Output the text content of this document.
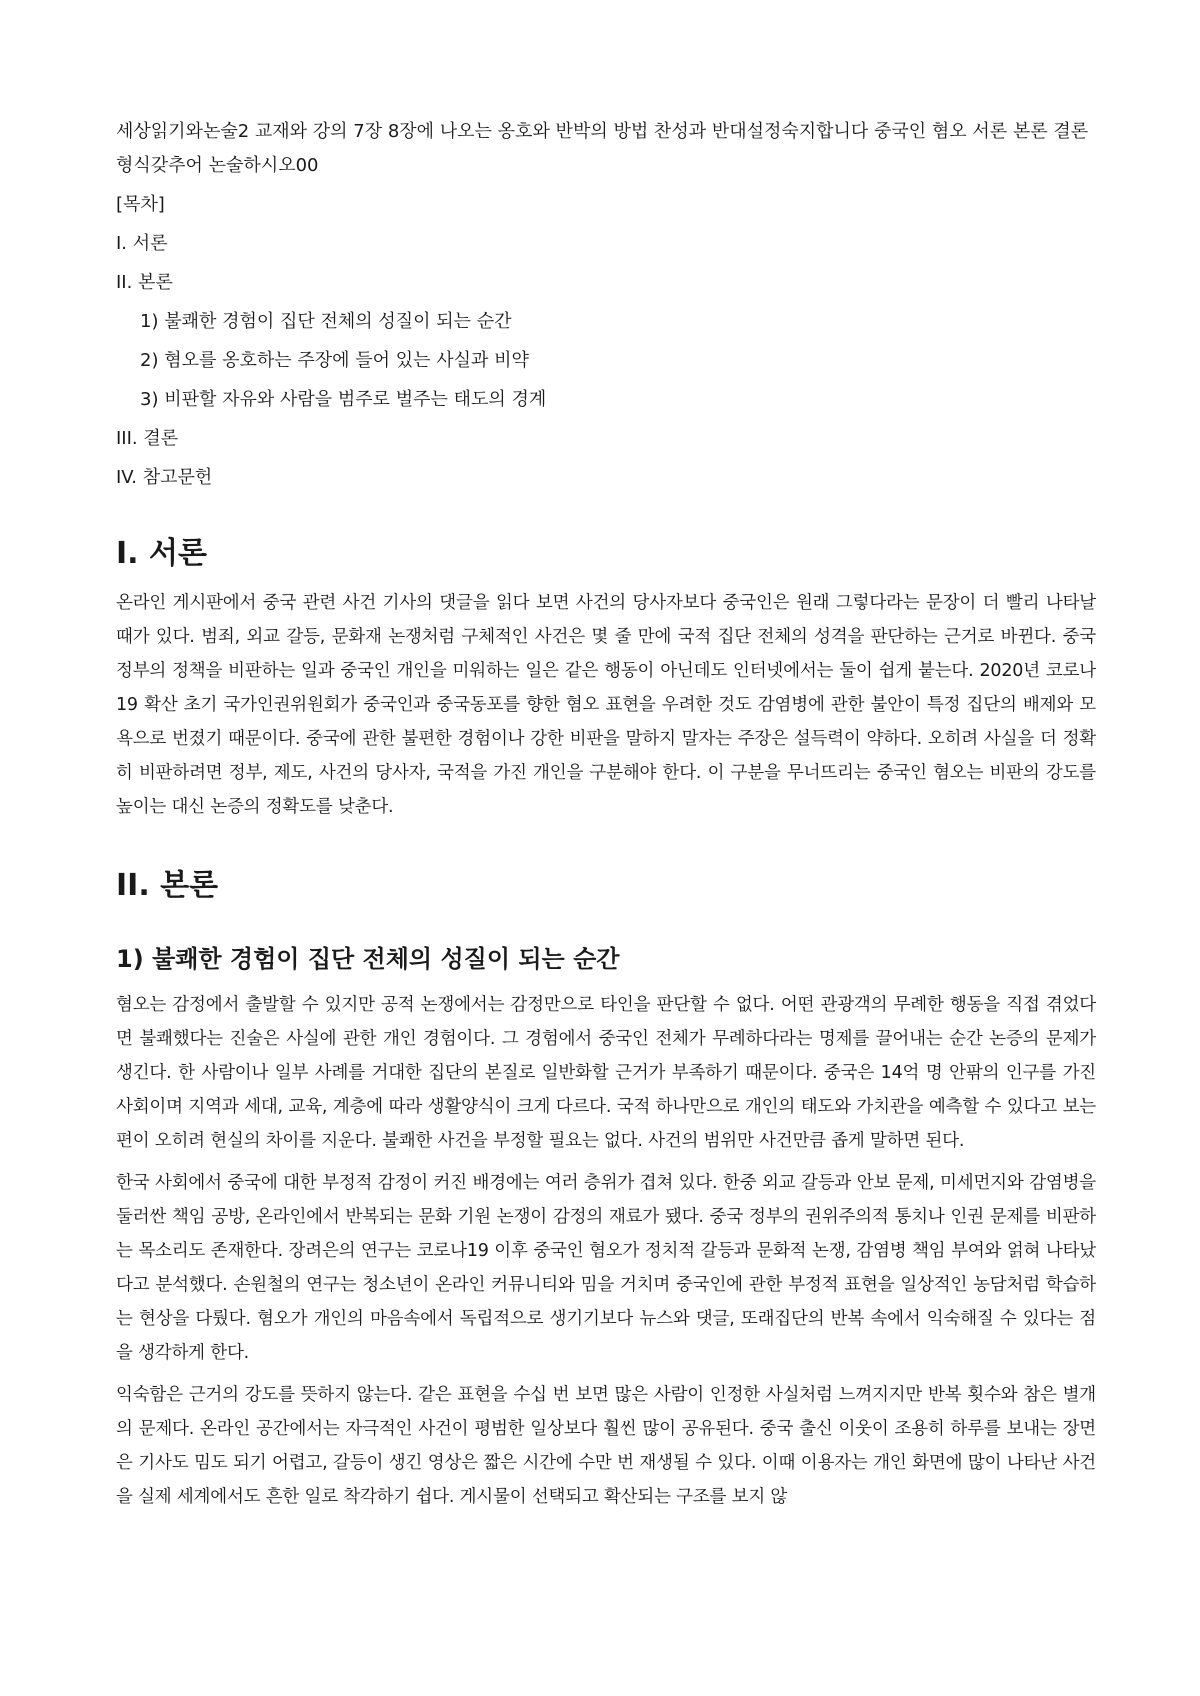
세상읽기와논술2 교재와 강의 7장 8장에 나오는 옹호와 반박의 방법 찬성과 반대설정숙지합니다 중국인 혐오 서론 본론 결론형식갖추어 논술하시오00

[목차]
I. 서론
II. 본론
1) 불쾌한 경험이 집단 전체의 성질이 되는 순간
2) 혐오를 옹호하는 주장에 들어 있는 사실과 비약
3) 비판할 자유와 사람을 범주로 벌주는 태도의 경계
III. 결론
IV. 참고문헌
I. 서론

온라인 게시판에서 중국 관련 사건 기사의 댓글을 읽다 보면 사건의 당사자보다 중국인은 원래 그렇다라는 문장이 더 빨리 나타날 때가 있다. 범죄, 외교 갈등, 문화재 논쟁처럼 구체적인 사건은 몇 줄 만에 국적 집단 전체의 성격을 판단하는 근거로 바뀐다. 중국 정부의 정책을 비판하는 일과 중국인 개인을 미워하는 일은 같은 행동이 아닌데도 인터넷에서는 둘이 쉽게 붙는다. 2020년 코로나19 확산 초기 국가인권위원회가 중국인과 중국동포를 향한 혐오 표현을 우려한 것도 감염병에 관한 불안이 특정 집단의 배제와 모욕으로 번졌기 때문이다. 중국에 관한 불편한 경험이나 강한 비판을 말하지 말자는 주장은 설득력이 약하다. 오히려 사실을 더 정확히 비판하려면 정부, 제도, 사건의 당사자, 국적을 가진 개인을 구분해야 한다. 이 구분을 무너뜨리는 중국인 혐오는 비판의 강도를 높이는 대신 논증의 정확도를 낮춘다.

II. 본론
1) 불쾌한 경험이 집단 전체의 성질이 되는 순간

혐오는 감정에서 출발할 수 있지만 공적 논쟁에서는 감정만으로 타인을 판단할 수 없다. 어떤 관광객의 무례한 행동을 직접 겪었다면 불쾌했다는 진술은 사실에 관한 개인 경험이다. 그 경험에서 중국인 전체가 무례하다라는 명제를 끌어내는 순간 논증의 문제가 생긴다. 한 사람이나 일부 사례를 거대한 집단의 본질로 일반화할 근거가 부족하기 때문이다. 중국은 14억 명 안팎의 인구를 가진 사회이며 지역과 세대, 교육, 계층에 따라 생활양식이 크게 다르다. 국적 하나만으로 개인의 태도와 가치관을 예측할 수 있다고 보는 편이 오히려 현실의 차이를 지운다. 불쾌한 사건을 부정할 필요는 없다. 사건의 범위만 사건만큼 좁게 말하면 된다.

한국 사회에서 중국에 대한 부정적 감정이 커진 배경에는 여러 층위가 겹쳐 있다. 한중 외교 갈등과 안보 문제, 미세먼지와 감염병을 둘러싼 책임 공방, 온라인에서 반복되는 문화 기원 논쟁이 감정의 재료가 됐다. 중국 정부의 권위주의적 통치나 인권 문제를 비판하는 목소리도 존재한다. 장려은의 연구는 코로나19 이후 중국인 혐오가 정치적 갈등과 문화적 논쟁, 감염병 책임 부여와 얽혀 나타났다고 분석했다. 손원철의 연구는 청소년이 온라인 커뮤니티와 밈을 거치며 중국인에 관한 부정적 표현을 일상적인 농담처럼 학습하는 현상을 다뤘다. 혐오가 개인의 마음속에서 독립적으로 생기기보다 뉴스와 댓글, 또래집단의 반복 속에서 익숙해질 수 있다는 점을 생각하게 한다.

익숙함은 근거의 강도를 뜻하지 않는다. 같은 표현을 수십 번 보면 많은 사람이 인정한 사실처럼 느껴지지만 반복 횟수와 참은 별개의 문제다. 온라인 공간에서는 자극적인 사건이 평범한 일상보다 훨씬 많이 공유된다. 중국 출신 이웃이 조용히 하루를 보내는 장면은 기사도 밈도 되기 어렵고, 갈등이 생긴 영상은 짧은 시간에 수만 번 재생될 수 있다. 이때 이용자는 개인 화면에 많이 나타난 사건을 실제 세계에서도 흔한 일로 착각하기 쉽다. 게시물이 선택되고 확산되는 구조를 보지 않
